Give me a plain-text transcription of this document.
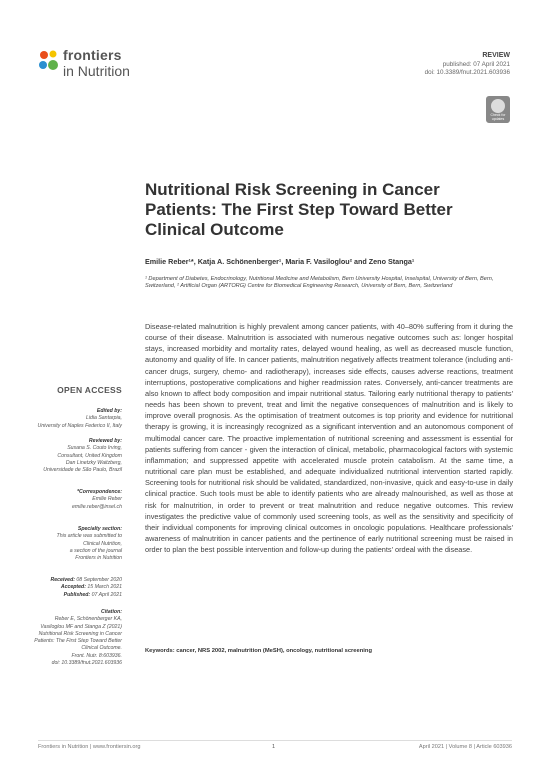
frontiers
in Nutrition
REVIEW
published: 07 April 2021
doi: 10.3389/fnut.2021.603936
Check for updates
Nutritional Risk Screening in Cancer Patients: The First Step Toward Better Clinical Outcome
Emilie Reber¹*, Katja A. Schönenberger¹, Maria F. Vasiloglou² and Zeno Stanga¹
¹ Department of Diabetes, Endocrinology, Nutritional Medicine and Metabolism, Bern University Hospital, Inselspital, University of Bern, Bern, Switzerland, ² Artificial Organ (ARTORG) Centre for Biomedical Engineering Research, University of Bern, Bern, Switzerland
Disease-related malnutrition is highly prevalent among cancer patients, with 40–80% suffering from it during the course of their disease. Malnutrition is associated with numerous negative outcomes such as: longer hospital stays, increased morbidity and mortality rates, delayed wound healing, as well as decreased muscle function, autonomy and quality of life. In cancer patients, malnutrition negatively affects treatment tolerance (including anti-cancer drugs, surgery, chemo- and radiotherapy), increases side effects, causes adverse reactions, treatment interruptions, postoperative complications and higher readmission rates. Conversely, anti-cancer treatments are also known to affect body composition and impair nutritional status. Tailoring early nutritional therapy to patients' needs has been shown to prevent, treat and limit the negative consequences of malnutrition and is likely to improve overall prognosis. As the optimisation of treatment outcomes is top priority and evidence for nutritional therapy is growing, it is increasingly recognized as a significant intervention and an autonomous component of multimodal cancer care. The proactive implementation of nutritional screening and assessment is essential for patients suffering from cancer - given the interaction of clinical, metabolic, pharmacological factors with systemic inflammation; and suppressed appetite with accelerated muscle protein catabolism. At the same time, a nutritional care plan must be established, and adequate individualized nutritional intervention started rapidly. Screening tools for nutritional risk should be validated, standardized, non-invasive, quick and easy-to-use in daily clinical practice. Such tools must be able to identify patients who are already malnourished, as well as those at risk for malnutrition, in order to prevent or treat malnutrition and reduce negative outcomes. This review investigates the predictive value of commonly used screening tools, as well as the sensitivity and specificity of their individual components for improving clinical outcomes in oncologic populations. Healthcare professionals' awareness of malnutrition in cancer patients and the pertinence of early nutritional screening must be raised in order to plan the best possible intervention and follow-up during the patients' ordeal with the disease.
Keywords: cancer, NRS 2002, malnutrition (MeSH), oncology, nutritional screening
OPEN ACCESS
Edited by:
Lidia Santarpia,
University of Naples Federico II, Italy
Reviewed by:
Susana S. Couto Irving,
Consultant, United Kingdom
Dan Linetzky Waitzberg,
Universidade de São Paulo, Brazil
*Correspondence:
Emilie Reber
emilie.reber@insel.ch
Specialty section:
This article was submitted to
Clinical Nutrition,
a section of the journal
Frontiers in Nutrition
Received: 08 September 2020
Accepted: 15 March 2021
Published: 07 April 2021
Citation:
Reber E, Schönenberger KA,
Vasiloglou MF and Stanga Z (2021)
Nutritional Risk Screening in Cancer
Patients: The First Step Toward Better
Clinical Outcome.
Front. Nutr. 8:603936.
doi: 10.3389/fnut.2021.603936
Frontiers in Nutrition | www.frontiersin.org	1	April 2021 | Volume 8 | Article 603936
